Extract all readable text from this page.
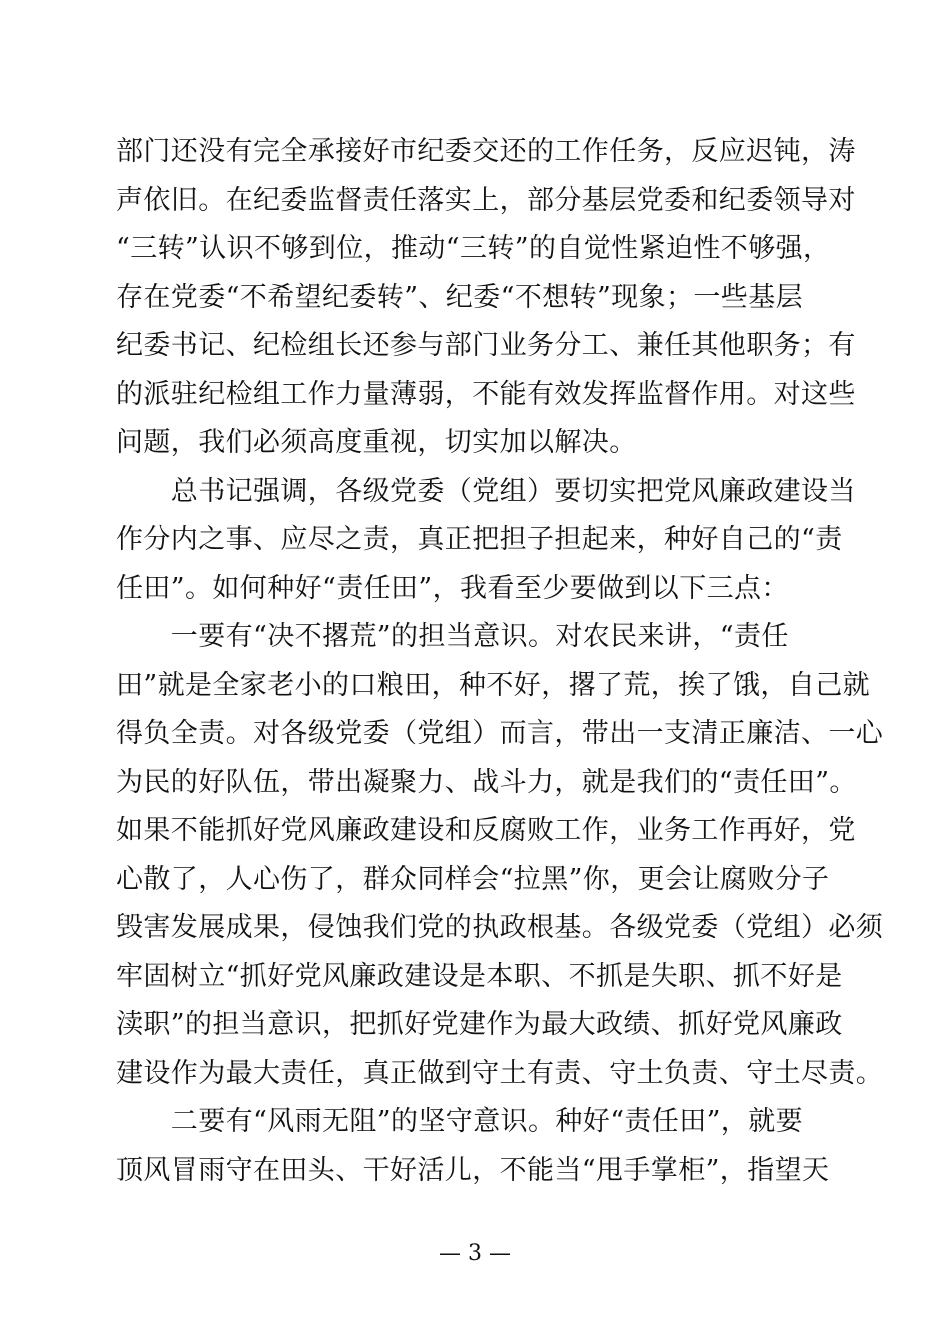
部门还没有完全承接好市纪委交还的工作任务，反应迟钝，涛
声依旧。在纪委监督责任落实上，部分基层党委和纪委领导对
“三转”认识不够到位，推动“三转”的自觉性紧迫性不够强，
存在党委“不希望纪委转”、纪委“不想转”现象；一些基层
纪委书记、纪检组长还参与部门业务分工、兼任其他职务；有
的派驻纪检组工作力量薄弱，不能有效发挥监督作用。对这些
问题，我们必须高度重视，切实加以解决。
　　总书记强调，各级党委（党组）要切实把党风廉政建设当
作分内之事、应尽之责，真正把担子担起来，种好自己的“责
任田”。如何种好“责任田”，我看至少要做到以下三点：
　　一要有“决不撂荒”的担当意识。对农民来讲，“责任
田”就是全家老小的口粮田，种不好，撂了荒，挨了饿，自己就
得负全责。对各级党委（党组）而言，带出一支清正廉洁、一心
为民的好队伍，带出凝聚力、战斗力，就是我们的“责任田”。
如果不能抓好党风廉政建设和反腐败工作，业务工作再好，党
心散了，人心伤了，群众同样会“拉黑”你，更会让腐败分子
毁害发展成果，侵蚀我们党的执政根基。各级党委（党组）必须
牢固树立“抓好党风廉政建设是本职、不抓是失职、抓不好是
渎职”的担当意识，把抓好党建作为最大政绩、抓好党风廉政
建设作为最大责任，真正做到守土有责、守土负责、守土尽责。
　　二要有“风雨无阻”的坚守意识。种好“责任田”，就要
顶风冒雨守在田头、干好活儿，不能当“甩手掌柜”，指望天
— 3 —
